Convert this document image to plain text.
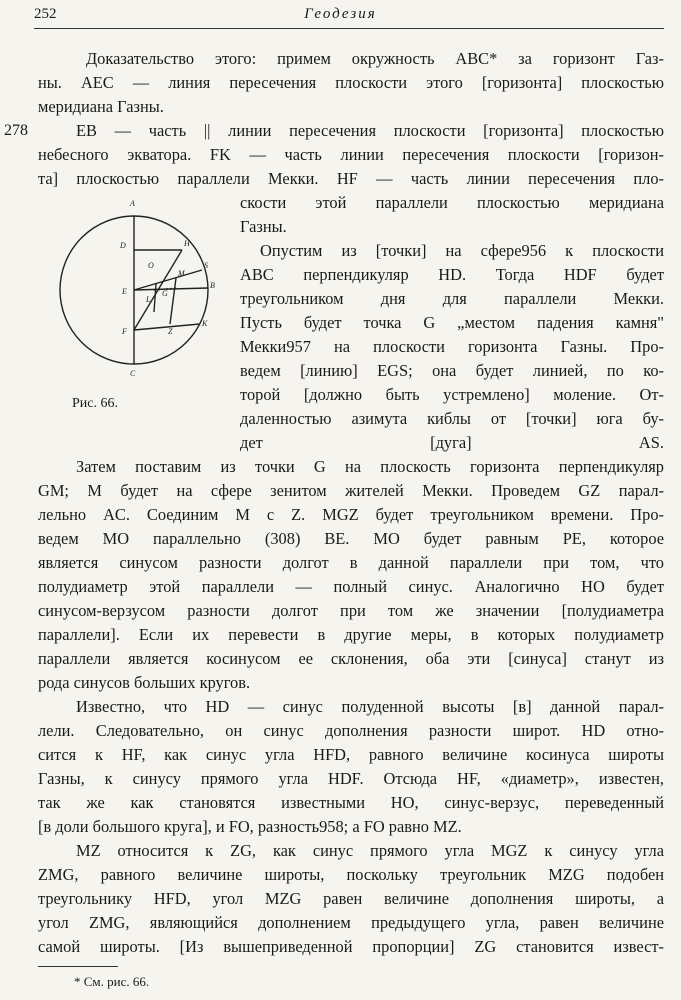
252	Геодезия
278
Доказательство этого: примем окружность ABC* за горизонт Газ-
ны. AEC — линия пересечения плоскости этого [горизонта] плоскостью
меридиана Газны.
EB — часть || линии пересечения плоскости [горизонта] плоскостью
небесного экватора. FK — часть линии пересечения плоскости [горизон-
та] плоскостью параллели Мекки. HF — часть линии пересечения пло-
скости этой параллели плоскостью меридиана
Газны.
Опустим из [точки] на сфере956 к плоскости
ABC перпендикуляр HD. Тогда HDF будет
треугольником дня для параллели Мекки.
Пусть будет точка G „местом падения камня"
Мекки957 на плоскости горизонта Газны. Про-
ведем [линию] EGS; она будет линией, по ко-
торой [должно быть устремлено] моление. От-
даленностью азимута киблы от [точки] юга бу-
дет [дуга] AS.
A
D	H
O	S
M
B
E
L
G
F	Z
K
C
Рис. 66.
Затем поставим из точки G на плоскость горизонта перпендикуляр
GM; M будет на сфере зенитом жителей Мекки. Проведем GZ парал-
лельно AC. Соединим M с Z. MGZ будет треугольником времени. Про-
ведем MO параллельно (308) BE. MO будет равным PE, которое
является синусом разности долгот в данной параллели при том, что
полудиаметр этой параллели — полный синус. Аналогично HO будет
синусом-верзусом разности долгот при том же значении [полудиаметра
параллели]. Если их перевести в другие меры, в которых полудиаметр
параллели является косинусом ее склонения, оба эти [синуса] станут из
рода синусов больших кругов.
Известно, что HD — синус полуденной высоты [в] данной парал-
лели. Следовательно, он синус дополнения разности широт. HD отно-
сится к HF, как синус угла HFD, равного величине косинуса широты
Газны, к синусу прямого угла HDF. Отсюда HF, «диаметр», известен,
так же как становятся известными HO, синус-верзус, переведенный
[в доли большого круга], и FO, разность958; а FO равно MZ.
MZ относится к ZG, как синус прямого угла MGZ к синусу угла
ZMG, равного величине широты, поскольку треугольник MZG подобен
треугольнику HFD, угол MZG равен величине дополнения широты, а
угол ZMG, являющийся дополнением предыдущего угла, равен величине
самой широты. [Из вышеприведенной пропорции] ZG становится извест-
* См. рис. 66.
